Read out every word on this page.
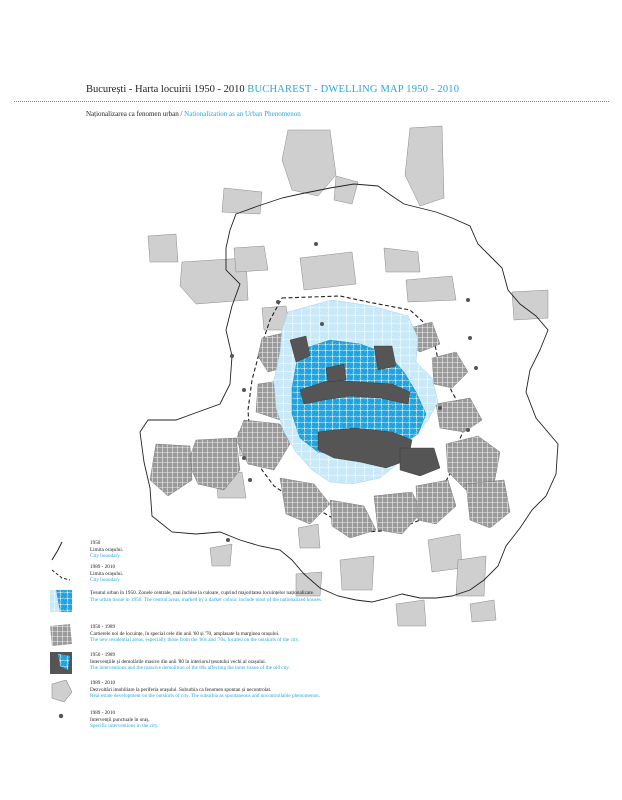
București - Harta locuirii 1950 - 2010 BUCHAREST - DWELLING MAP 1950 - 2010
Naționalizarea ca fenomen urban / Nationalization as an Urban Phenomenon
1950
Limita orașului.
City boundary.
1989 - 2010
Limita orașului.
City boundary.
Țesutul urban în 1950. Zonele centrale, mai închise la culoare, cuprind majoritatea locuințelor naționalizate.
The urban tissue in 1950. The central areas, marked by a darker colour, include most of the nationalized houses.
1950 - 1989
Cartierele noi de locuințe, în special cele din anii '60 și '70, amplasate la marginea orașului.
The new residential areas, especially those from the '60s and '70s, located on the outskirts of the city.
1950 - 1989
Intervențiile și demolările masive din anii '80 în interiorul țesutului vechi al orașului.
The interventions and the massive demolition of the 80s affecting the inner tissue of the old city.
1989 - 2010
Dezvoltări imobiliare la periferia orașului. Suburbia ca fenomen spontan și necontrolat.
Real estate development on the outskirts of city. The suburbia as spontaneous and uncontrollable phenomenon.
1989 - 2010
Intervenții punctuale în oraș.
Specific interventions in the city.
